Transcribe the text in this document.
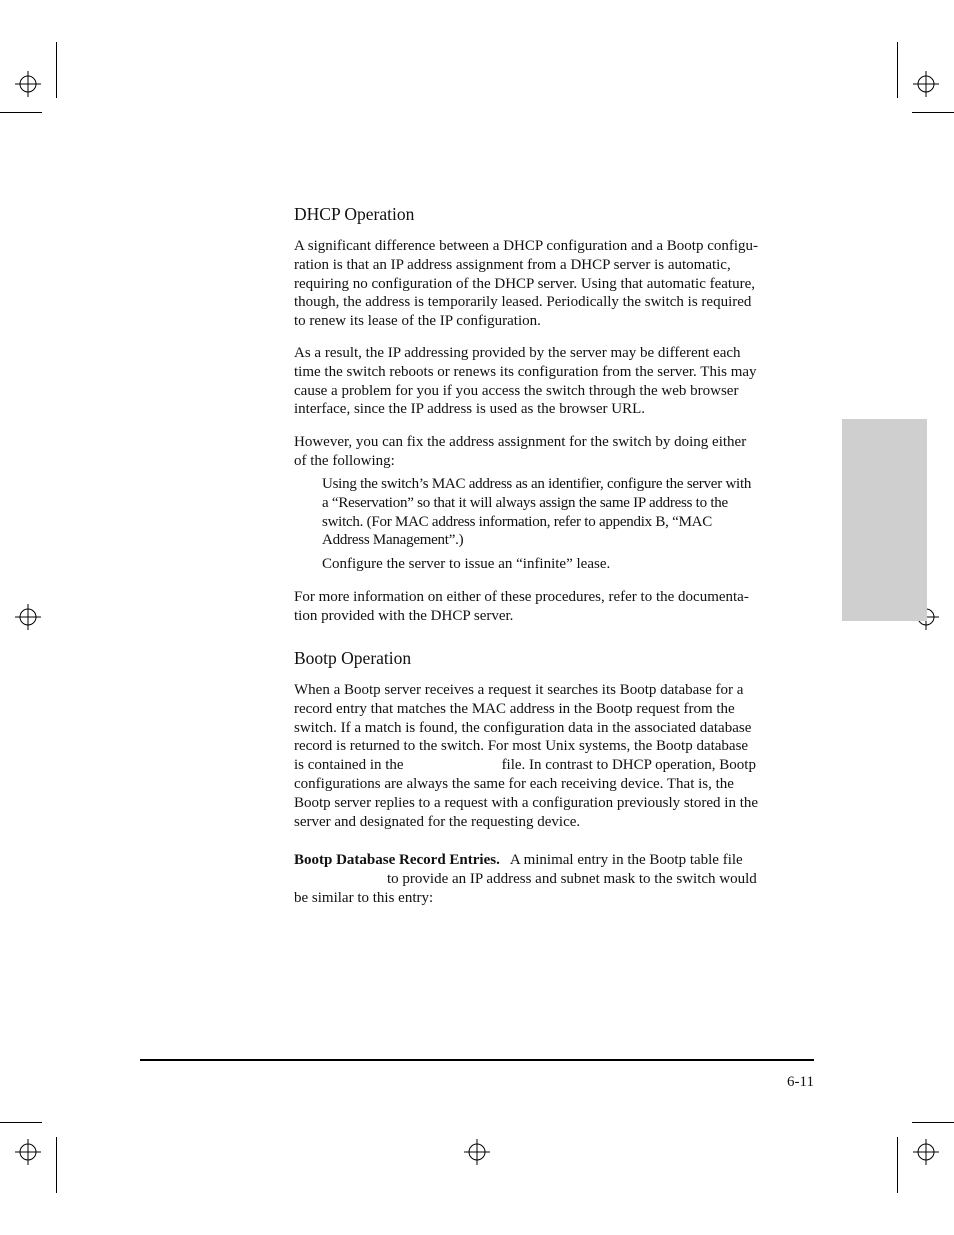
DHCP Operation
A significant difference between a DHCP configuration and a Bootp configu-
ration is that an IP address assignment from a DHCP server is automatic,
requiring no configuration of the DHCP server. Using that automatic feature,
though, the address is temporarily leased. Periodically the switch is required
to renew its lease of the IP configuration.
As a result, the IP addressing provided by the server may be different each
time the switch reboots or renews its configuration from the server. This may
cause a problem for you if you access the switch through the web browser
interface, since the IP address is used as the browser URL.
However, you can fix the address assignment for the switch by doing either
of the following:
Using the switch’s MAC address as an identifier, configure the server with
a “Reservation” so that it will always assign the same IP address to the
switch. (For MAC address information, refer to appendix B, “MAC
Address Management”.)
Configure the server to issue an “infinite” lease.
For more information on either of these procedures, refer to the documenta-
tion provided with the DHCP server.
Bootp Operation
When a Bootp server receives a request it searches its Bootp database for a
record entry that matches the MAC address in the Bootp request from the
switch. If a match is found, the configuration data in the associated database
record is returned to the switch. For most Unix systems, the Bootp database
is contained in the	file. In contrast to DHCP operation, Bootp
configurations are always the same for each receiving device. That is, the
Bootp server replies to a request with a configuration previously stored in the
server and designated for the requesting device.
Bootp Database Record Entries. A minimal entry in the Bootp table file
to provide an IP address and subnet mask to the switch would
be similar to this entry:
6-11
